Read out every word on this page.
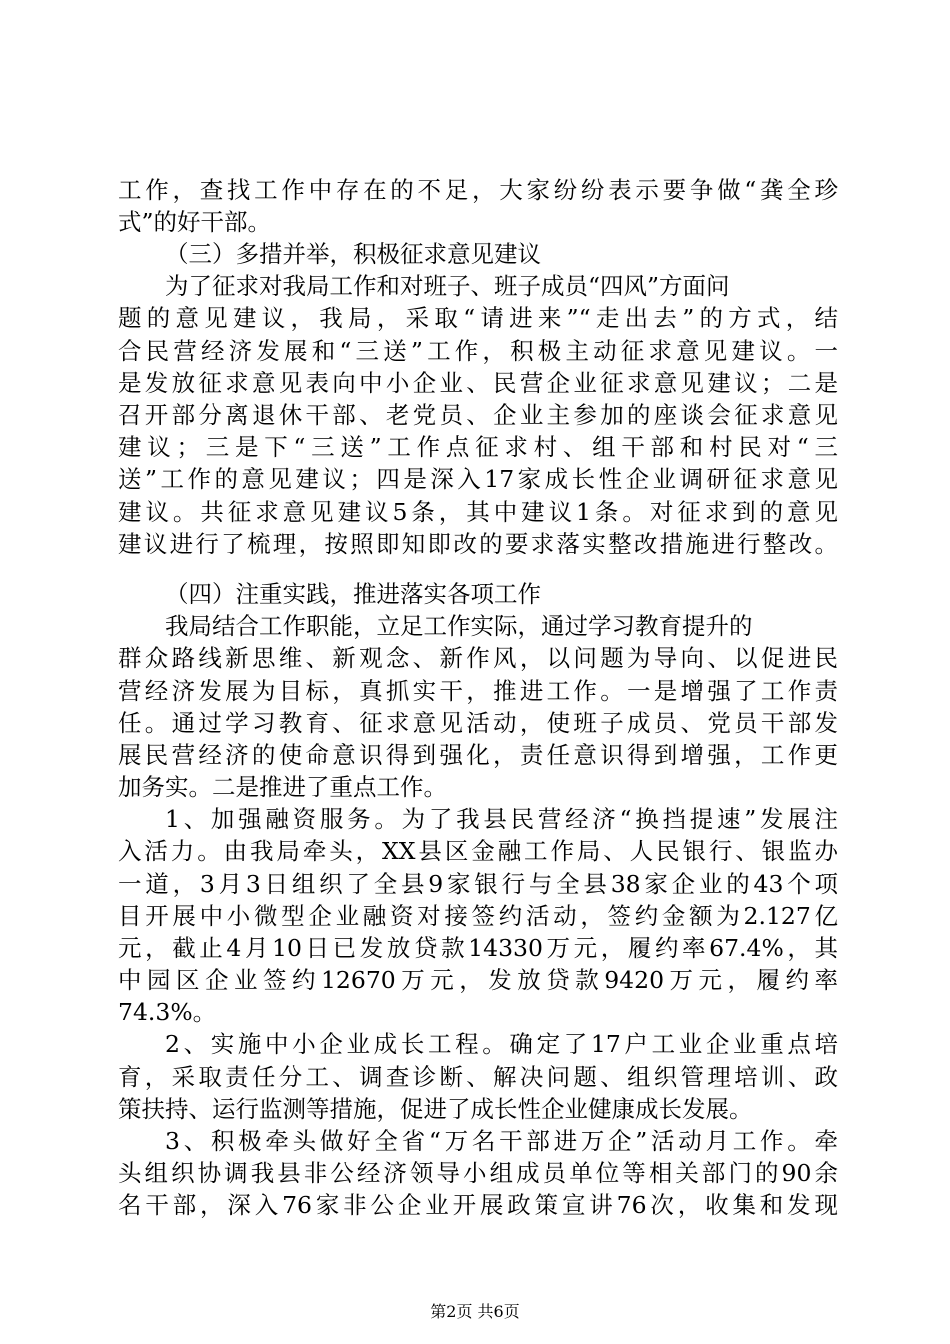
工作，查找工作中存在的不足，大家纷纷表示要争做“龚全珍
式”的好干部。
（三）多措并举，积极征求意见建议
为了征求对我局工作和对班子、班子成员“四风”方面问
题的意见建议，我局，采取“请进来”“走出去”的方式，结
合民营经济发展和“三送”工作，积极主动征求意见建议。一
是发放征求意见表向中小企业、民营企业征求意见建议；二是
召开部分离退休干部、老党员、企业主参加的座谈会征求意见
建议；三是下“三送”工作点征求村、组干部和村民对“三
送”工作的意见建议；四是深入17家成长性企业调研征求意见
建议。共征求意见建议5条，其中建议1条。对征求到的意见
建议进行了梳理，按照即知即改的要求落实整改措施进行整改。
（四）注重实践，推进落实各项工作
我局结合工作职能，立足工作实际，通过学习教育提升的
群众路线新思维、新观念、新作风，以问题为导向、以促进民
营经济发展为目标，真抓实干，推进工作。一是增强了工作责
任。通过学习教育、征求意见活动，使班子成员、党员干部发
展民营经济的使命意识得到强化，责任意识得到增强，工作更
加务实。二是推进了重点工作。
1、加强融资服务。为了我县民营经济“换挡提速”发展注
入活力。由我局牵头，XX县区金融工作局、人民银行、银监办
一道，3月3日组织了全县9家银行与全县38家企业的43个项
目开展中小微型企业融资对接签约活动，签约金额为2.127亿
元，截止4月10日已发放贷款14330万元，履约率67.4%，其
中园区企业签约12670万元，发放贷款9420万元，履约率
74.3%。
2、实施中小企业成长工程。确定了17户工业企业重点培
育，采取责任分工、调查诊断、解决问题、组织管理培训、政
策扶持、运行监测等措施，促进了成长性企业健康成长发展。
3、积极牵头做好全省“万名干部进万企”活动月工作。牵
头组织协调我县非公经济领导小组成员单位等相关部门的90余
名干部，深入76家非公企业开展政策宣讲76次，收集和发现
第2页 共6页
